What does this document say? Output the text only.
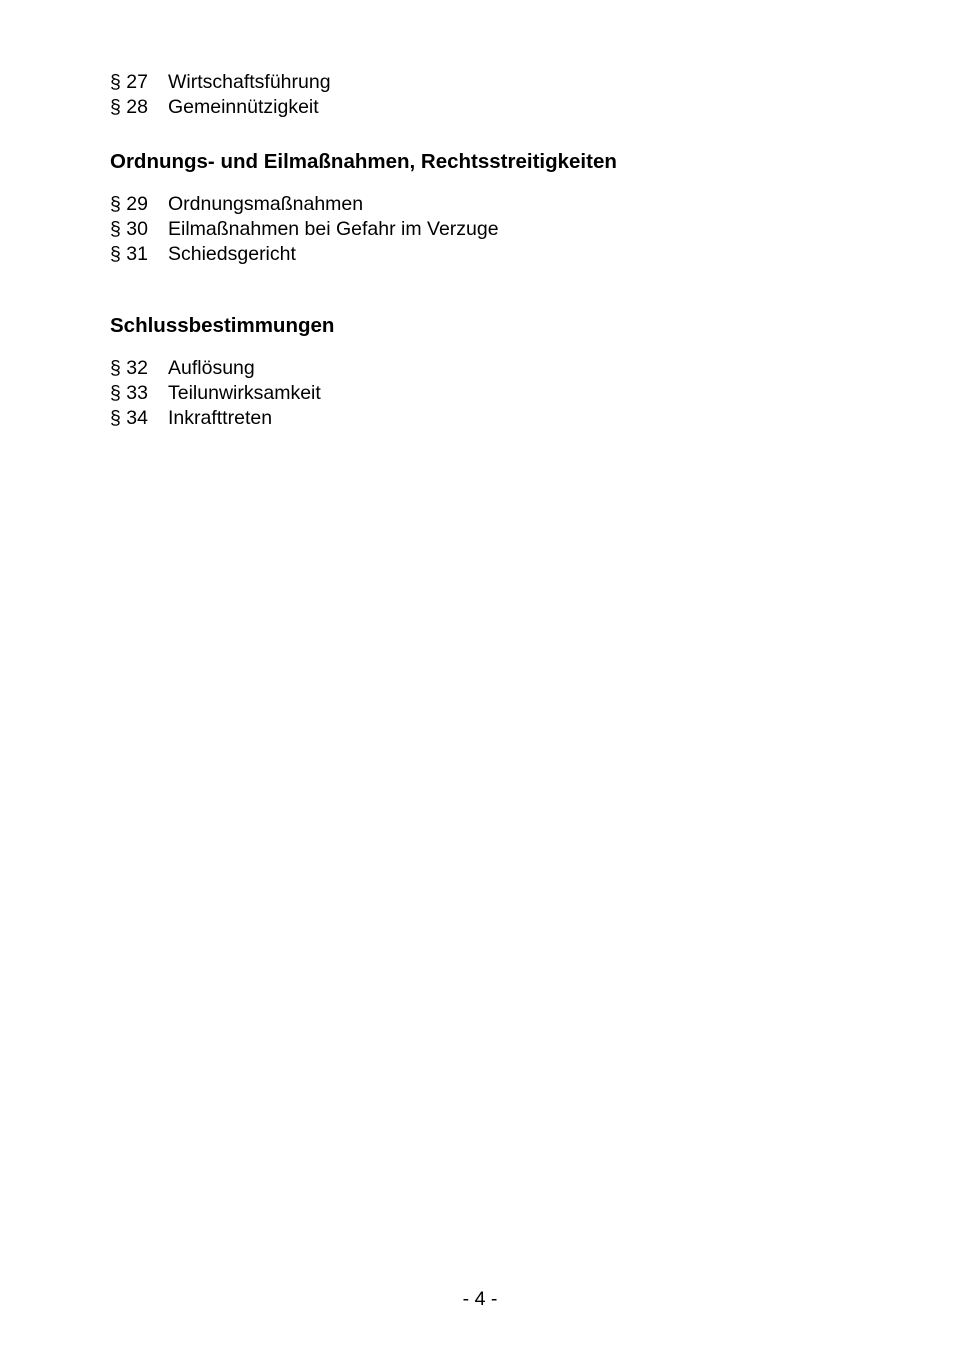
§ 27	Wirtschaftsführung
§ 28	Gemeinnützigkeit
Ordnungs- und Eilmaßnahmen, Rechtsstreitigkeiten
§ 29	Ordnungsmaßnahmen
§ 30	Eilmaßnahmen bei Gefahr im Verzuge
§ 31	Schiedsgericht
Schlussbestimmungen
§ 32	Auflösung
§ 33	Teilunwirksamkeit
§ 34	Inkrafttreten
- 4 -
